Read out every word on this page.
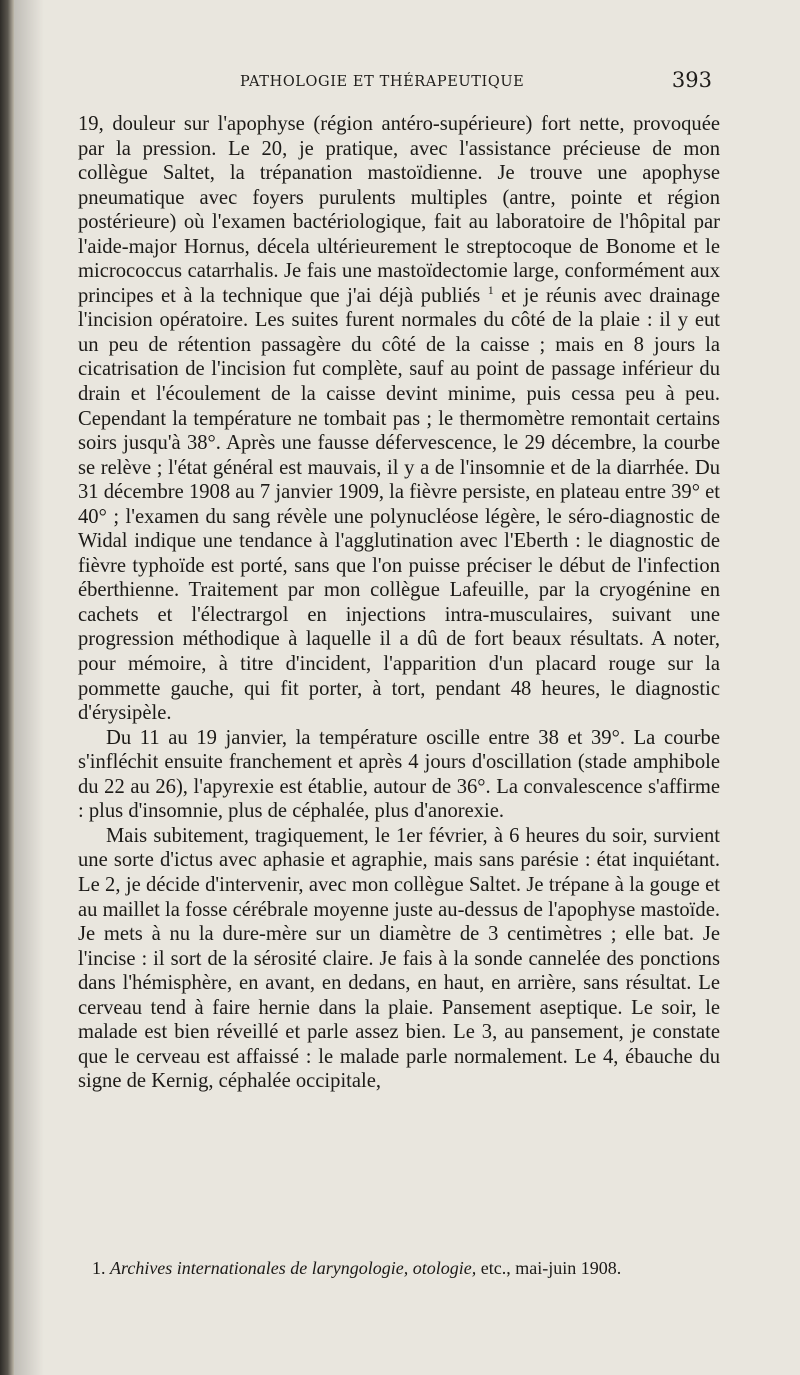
PATHOLOGIE ET THÉRAPEUTIQUE	393

19, douleur sur l'apophyse (région antéro-supérieure) fort nette, provoquée par la pression. Le 20, je pratique, avec l'assistance précieuse de mon collègue Saltet, la trépanation mastoïdienne. Je trouve une apophyse pneumatique avec foyers purulents multiples (antre, pointe et région postérieure) où l'examen bactériologique, fait au laboratoire de l'hôpital par l'aide-major Hornus, décela ultérieurement le streptocoque de Bonome et le micrococcus catarrhalis. Je fais une mastoïdectomie large, conformément aux principes et à la technique que j'ai déjà publiés $^1$ et je réunis avec drainage l'incision opératoire. Les suites furent normales du côté de la plaie : il y eut un peu de rétention passagère du côté de la caisse ; mais en 8 jours la cicatrisation de l'incision fut complète, sauf au point de passage inférieur du drain et l'écoulement de la caisse devint minime, puis cessa peu à peu. Cependant la température ne tombait pas ; le thermomètre remontait certains soirs jusqu'à 38°. Après une fausse défervescence, le 29 décembre, la courbe se relève ; l'état général est mauvais, il y a de l'insomnie et de la diarrhée. Du 31 décembre 1908 au 7 janvier 1909, la fièvre persiste, en plateau entre 39° et 40° ; l'examen du sang révèle une polynucléose légère, le séro-diagnostic de Widal indique une tendance à l'agglutination avec l'Eberth : le diagnostic de fièvre typhoïde est porté, sans que l'on puisse préciser le début de l'infection éberthienne. Traitement par mon collègue Lafeuille, par la cryogénine en cachets et l'électrargol en injections intra-musculaires, suivant une progression méthodique à laquelle il a dû de fort beaux résultats. A noter, pour mémoire, à titre d'incident, l'apparition d'un placard rouge sur la pommette gauche, qui fit porter, à tort, pendant 48 heures, le diagnostic d'érysipèle.

Du 11 au 19 janvier, la température oscille entre 38 et 39°. La courbe s'infléchit ensuite franchement et après 4 jours d'oscillation (stade amphibole du 22 au 26), l'apyrexie est établie, autour de 36°. La convalescence s'affirme : plus d'insomnie, plus de céphalée, plus d'anorexie.

Mais subitement, tragiquement, le 1er février, à 6 heures du soir, survient une sorte d'ictus avec aphasie et agraphie, mais sans parésie : état inquiétant. Le 2, je décide d'intervenir, avec mon collègue Saltet. Je trépane à la gouge et au maillet la fosse cérébrale moyenne juste au-dessus de l'apophyse mastoïde. Je mets à nu la dure-mère sur un diamètre de 3 centimètres ; elle bat. Je l'incise : il sort de la sérosité claire. Je fais à la sonde cannelée des ponctions dans l'hémisphère, en avant, en dedans, en haut, en arrière, sans résultat. Le cerveau tend à faire hernie dans la plaie. Pansement aseptique. Le soir, le malade est bien réveillé et parle assez bien. Le 3, au pansement, je constate que le cerveau est affaissé : le malade parle normalement. Le 4, ébauche du signe de Kernig, céphalée occipitale,

1. Archives internationales de laryngologie, otologie, etc., mai-juin 1908.
